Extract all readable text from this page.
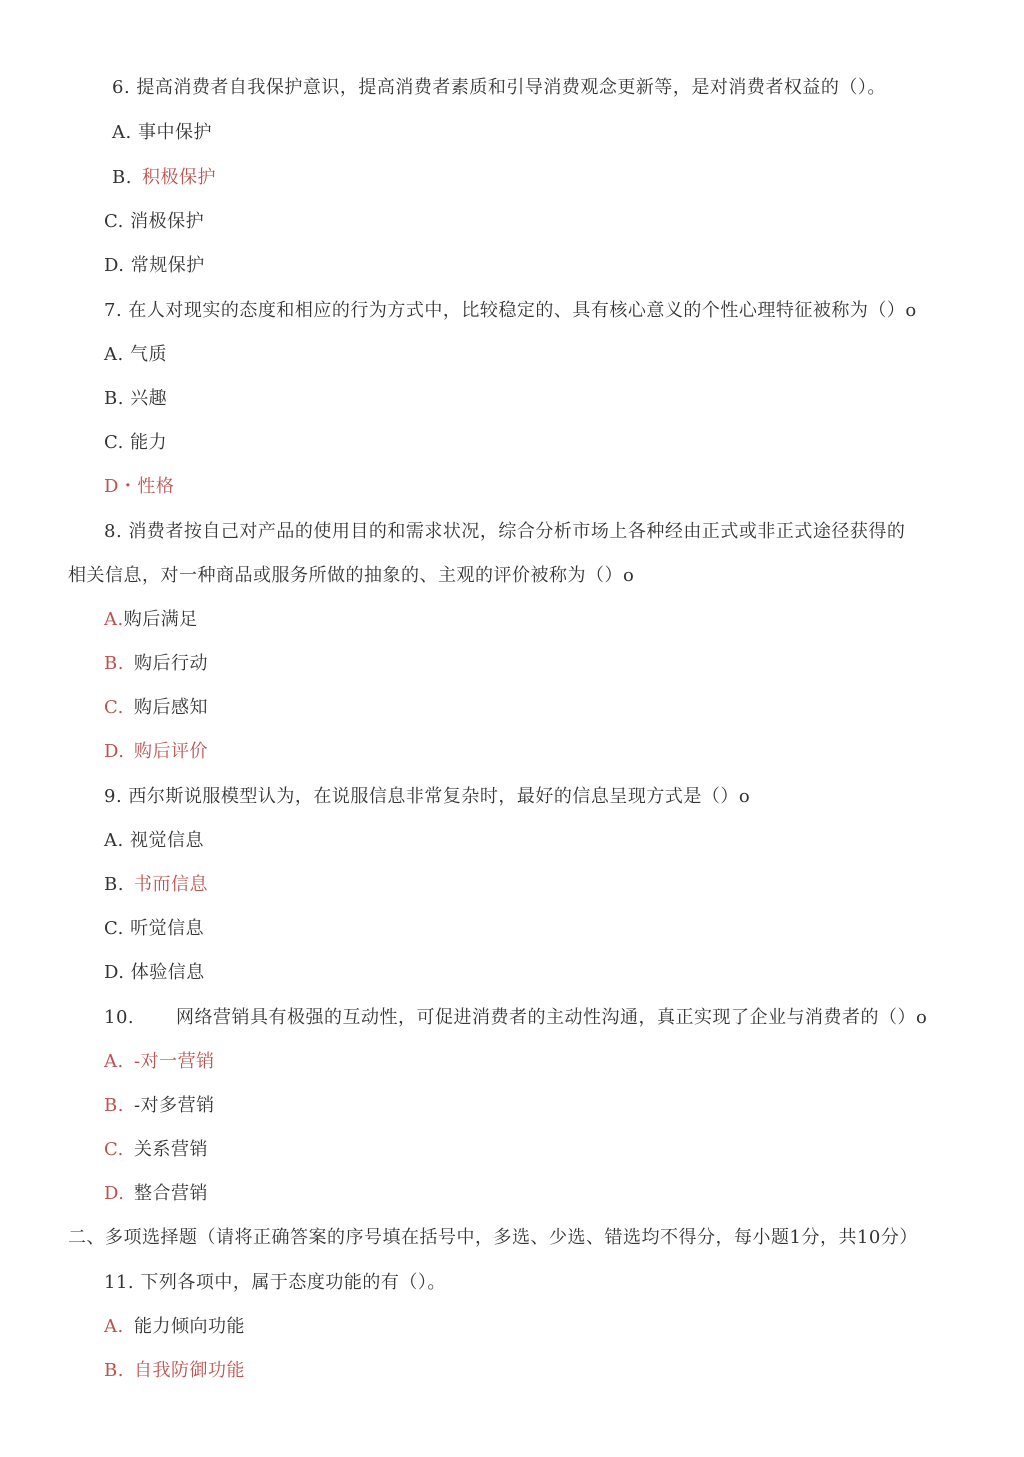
6. 提高消费者自我保护意识，提高消费者素质和引导消费观念更新等，是对消费者权益的（）。
A. 事中保护
B. 积极保护
C. 消极保护
D. 常规保护
7. 在人对现实的态度和相应的行为方式中，比较稳定的、具有核心意义的个性心理特征被称为（）o
A. 气质
B. 兴趣
C. 能力
D・性格
8. 消费者按自己对产品的使用目的和需求状况，综合分析市场上各种经由正式或非正式途径获得的
相关信息，对一种商品或服务所做的抽象的、主观的评价被称为（）o
A.购后满足
B. 购后行动
C. 购后感知
D. 购后评价
9. 西尔斯说服模型认为，在说服信息非常复杂时，最好的信息呈现方式是（）o
A. 视觉信息
B. 书而信息
C. 听觉信息
D. 体验信息
10. 网络营销具有极强的互动性，可促进消费者的主动性沟通，真正实现了企业与消费者的（）o
A. -对一营销
B. -对多营销
C. 关系营销
D. 整合营销
二、多项选择题（请将正确答案的序号填在括号中，多选、少选、错选均不得分，每小题1分，共10分）
11. 下列各项中，属于态度功能的有（）。
A. 能力倾向功能
B. 自我防御功能
